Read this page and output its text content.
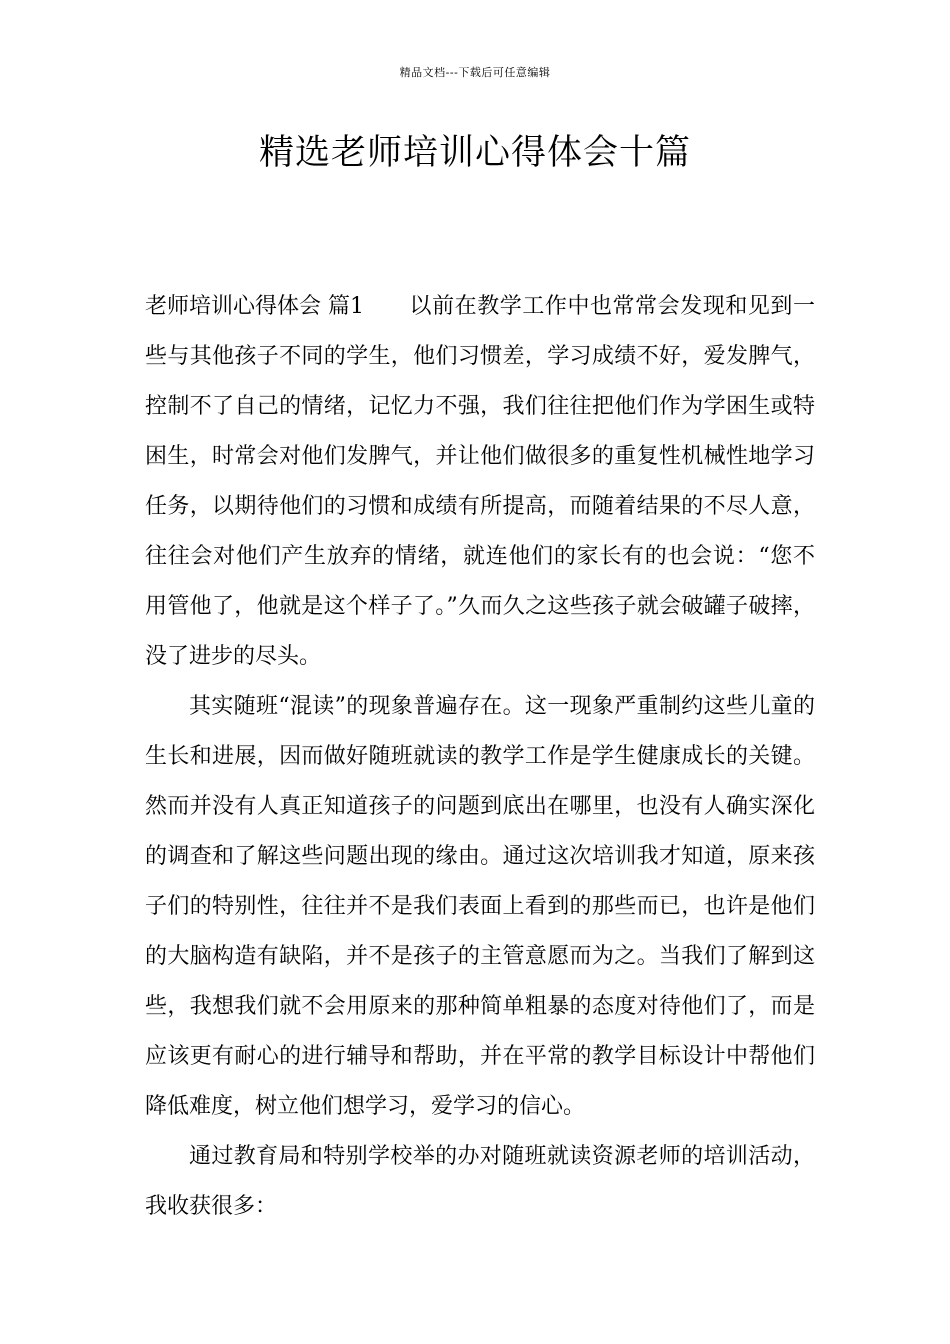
精品文档---下载后可任意编辑
精选老师培训心得体会十篇

老师培训心得体会 篇1 以前在教学工作中也常常会发现和见到一些与其他孩子不同的学生，他们习惯差，学习成绩不好，爱发脾气，控制不了自己的情绪，记忆力不强，我们往往把他们作为学困生或特困生，时常会对他们发脾气，并让他们做很多的重复性机械性地学习任务，以期待他们的习惯和成绩有所提高，而随着结果的不尽人意，往往会对他们产生放弃的情绪，就连他们的家长有的也会说：“您不用管他了，他就是这个样子了。”久而久之这些孩子就会破罐子破摔，没了进步的尽头。

其实随班“混读”的现象普遍存在。这一现象严重制约这些儿童的生长和进展，因而做好随班就读的教学工作是学生健康成长的关键。然而并没有人真正知道孩子的问题到底出在哪里，也没有人确实深化的调查和了解这些问题出现的缘由。通过这次培训我才知道，原来孩子们的特别性，往往并不是我们表面上看到的那些而已，也许是他们的大脑构造有缺陷，并不是孩子的主管意愿而为之。当我们了解到这些，我想我们就不会用原来的那种简单粗暴的态度对待他们了，而是应该更有耐心的进行辅导和帮助，并在平常的教学目标设计中帮他们降低难度，树立他们想学习，爱学习的信心。

通过教育局和特别学校举的办对随班就读资源老师的培训活动，我收获很多：
